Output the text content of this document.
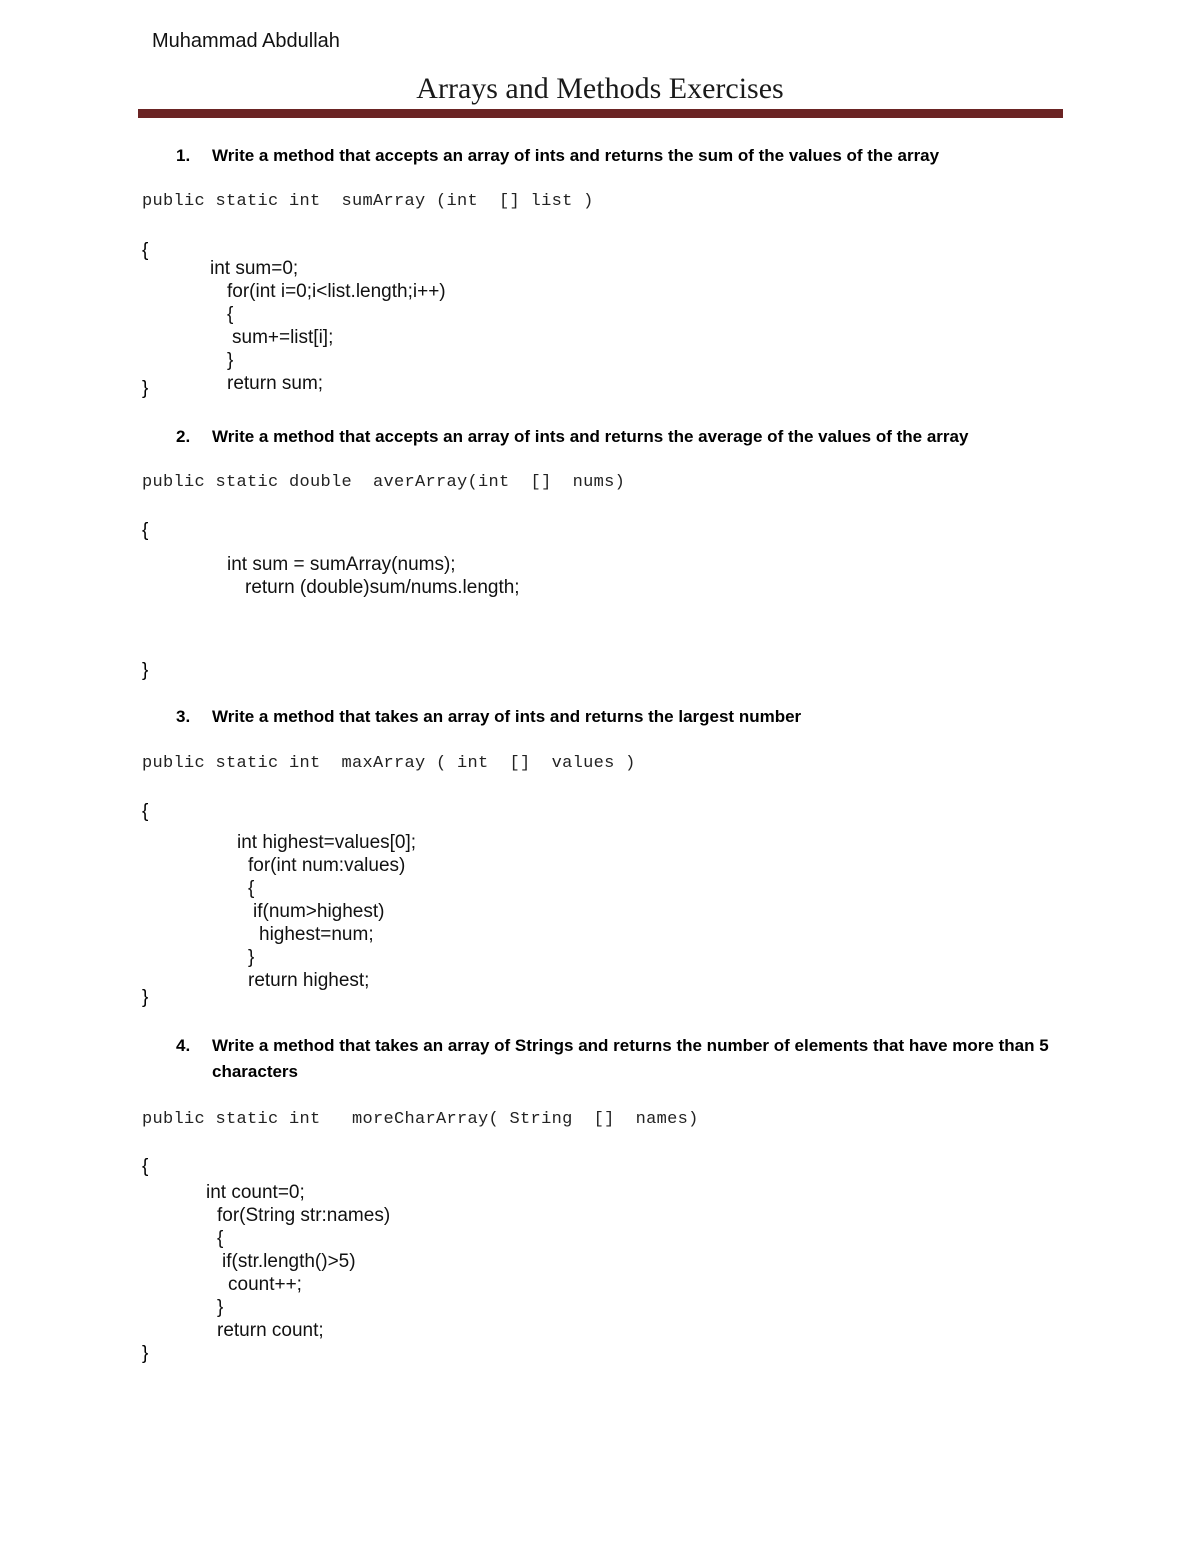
Muhammad Abdullah
Arrays and Methods Exercises
1. Write a method that accepts an array of ints and returns the sum of the values of the array
public static int  sumArray (int  [] list )
{
int sum=0;
for(int i=0;i<list.length;i++)
{
sum+=list[i];
}
return sum;
}
2. Write a method that accepts an array of ints and returns the average of the values of the array
public static double  averArray(int  []  nums)
{
int sum = sumArray(nums);
return (double)sum/nums.length;
}
3. Write a method that takes an array of ints and returns the largest number
public static int  maxArray ( int  []  values )
{
int highest=values[0];
for(int num:values)
{
if(num>highest)
highest=num;
}
return highest;
}
4. Write a method that takes an array of Strings and returns the number of elements that have more than 5 characters
public static int   moreCharArray( String  []  names)
{
int count=0;
for(String str:names)
{
if(str.length()>5)
count++;
}
return count;
}
